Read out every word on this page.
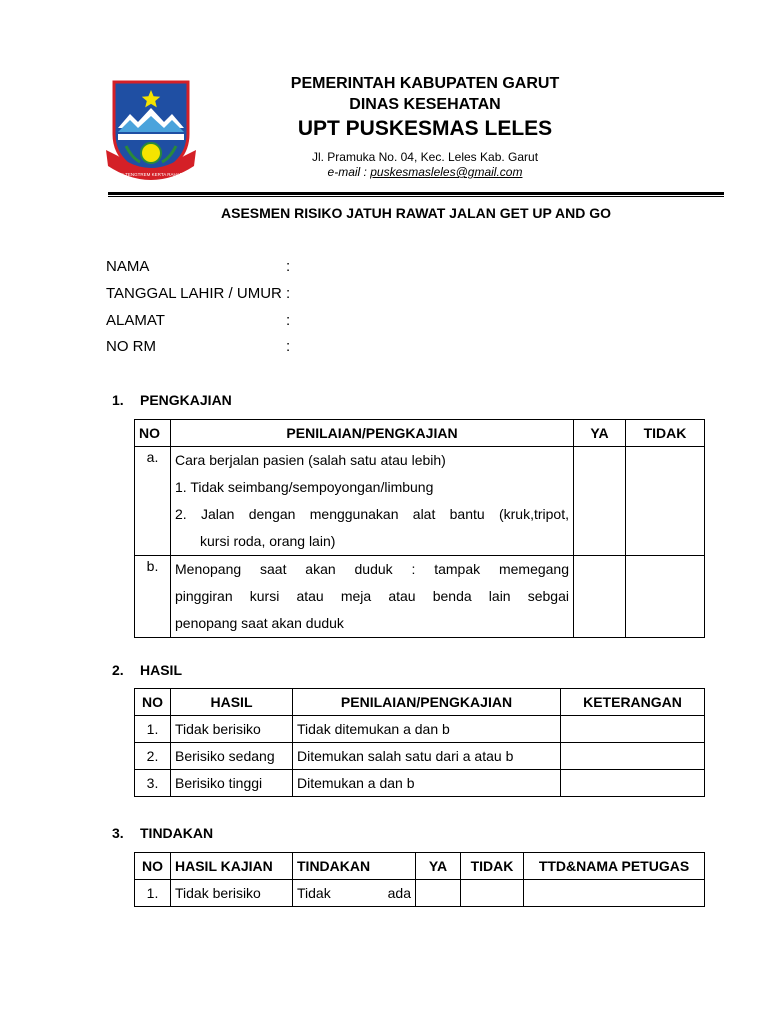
TATA TENGTREM KERTA RAHARJA
PEMERINTAH KABUPATEN GARUT
DINAS KESEHATAN
UPT PUSKESMAS LELES
Jl. Pramuka No. 04, Kec. Leles Kab. Garut
e-mail : puskesmasleles@gmail.com
ASESMEN RISIKO JATUH RAWAT JALAN GET UP AND GO
NAMA	:
TANGGAL LAHIR / UMUR :
ALAMAT	:
NO RM	:
1. PENGKAJIAN
NO	PENILAIAN/PENGKAJIAN	YA	TIDAK
a.	Cara berjalan pasien (salah satu atau lebih)
1. Tidak seimbang/sempoyongan/limbung
2. Jalan dengan menggunakan alat bantu (kruk,tripot,
kursi roda, orang lain)		

b.	Menopang saat akan duduk : tampak memegang
pinggiran kursi atau meja atau benda lain sebgai
penopang saat akan duduk		

2. HASIL
NO	HASIL	PENILAIAN/PENGKAJIAN	KETERANGAN
1.	Tidak berisiko	Tidak ditemukan a dan b	
2.	Berisiko sedang	Ditemukan salah satu dari a atau b	
3.	Berisiko tinggi	Ditemukan a dan b	
3. TINDAKAN
NO	HASIL KAJIAN	TINDAKAN	YA	TIDAK	TTD&NAMA PETUGAS
1.	Tidak berisiko	Tidak ada			
